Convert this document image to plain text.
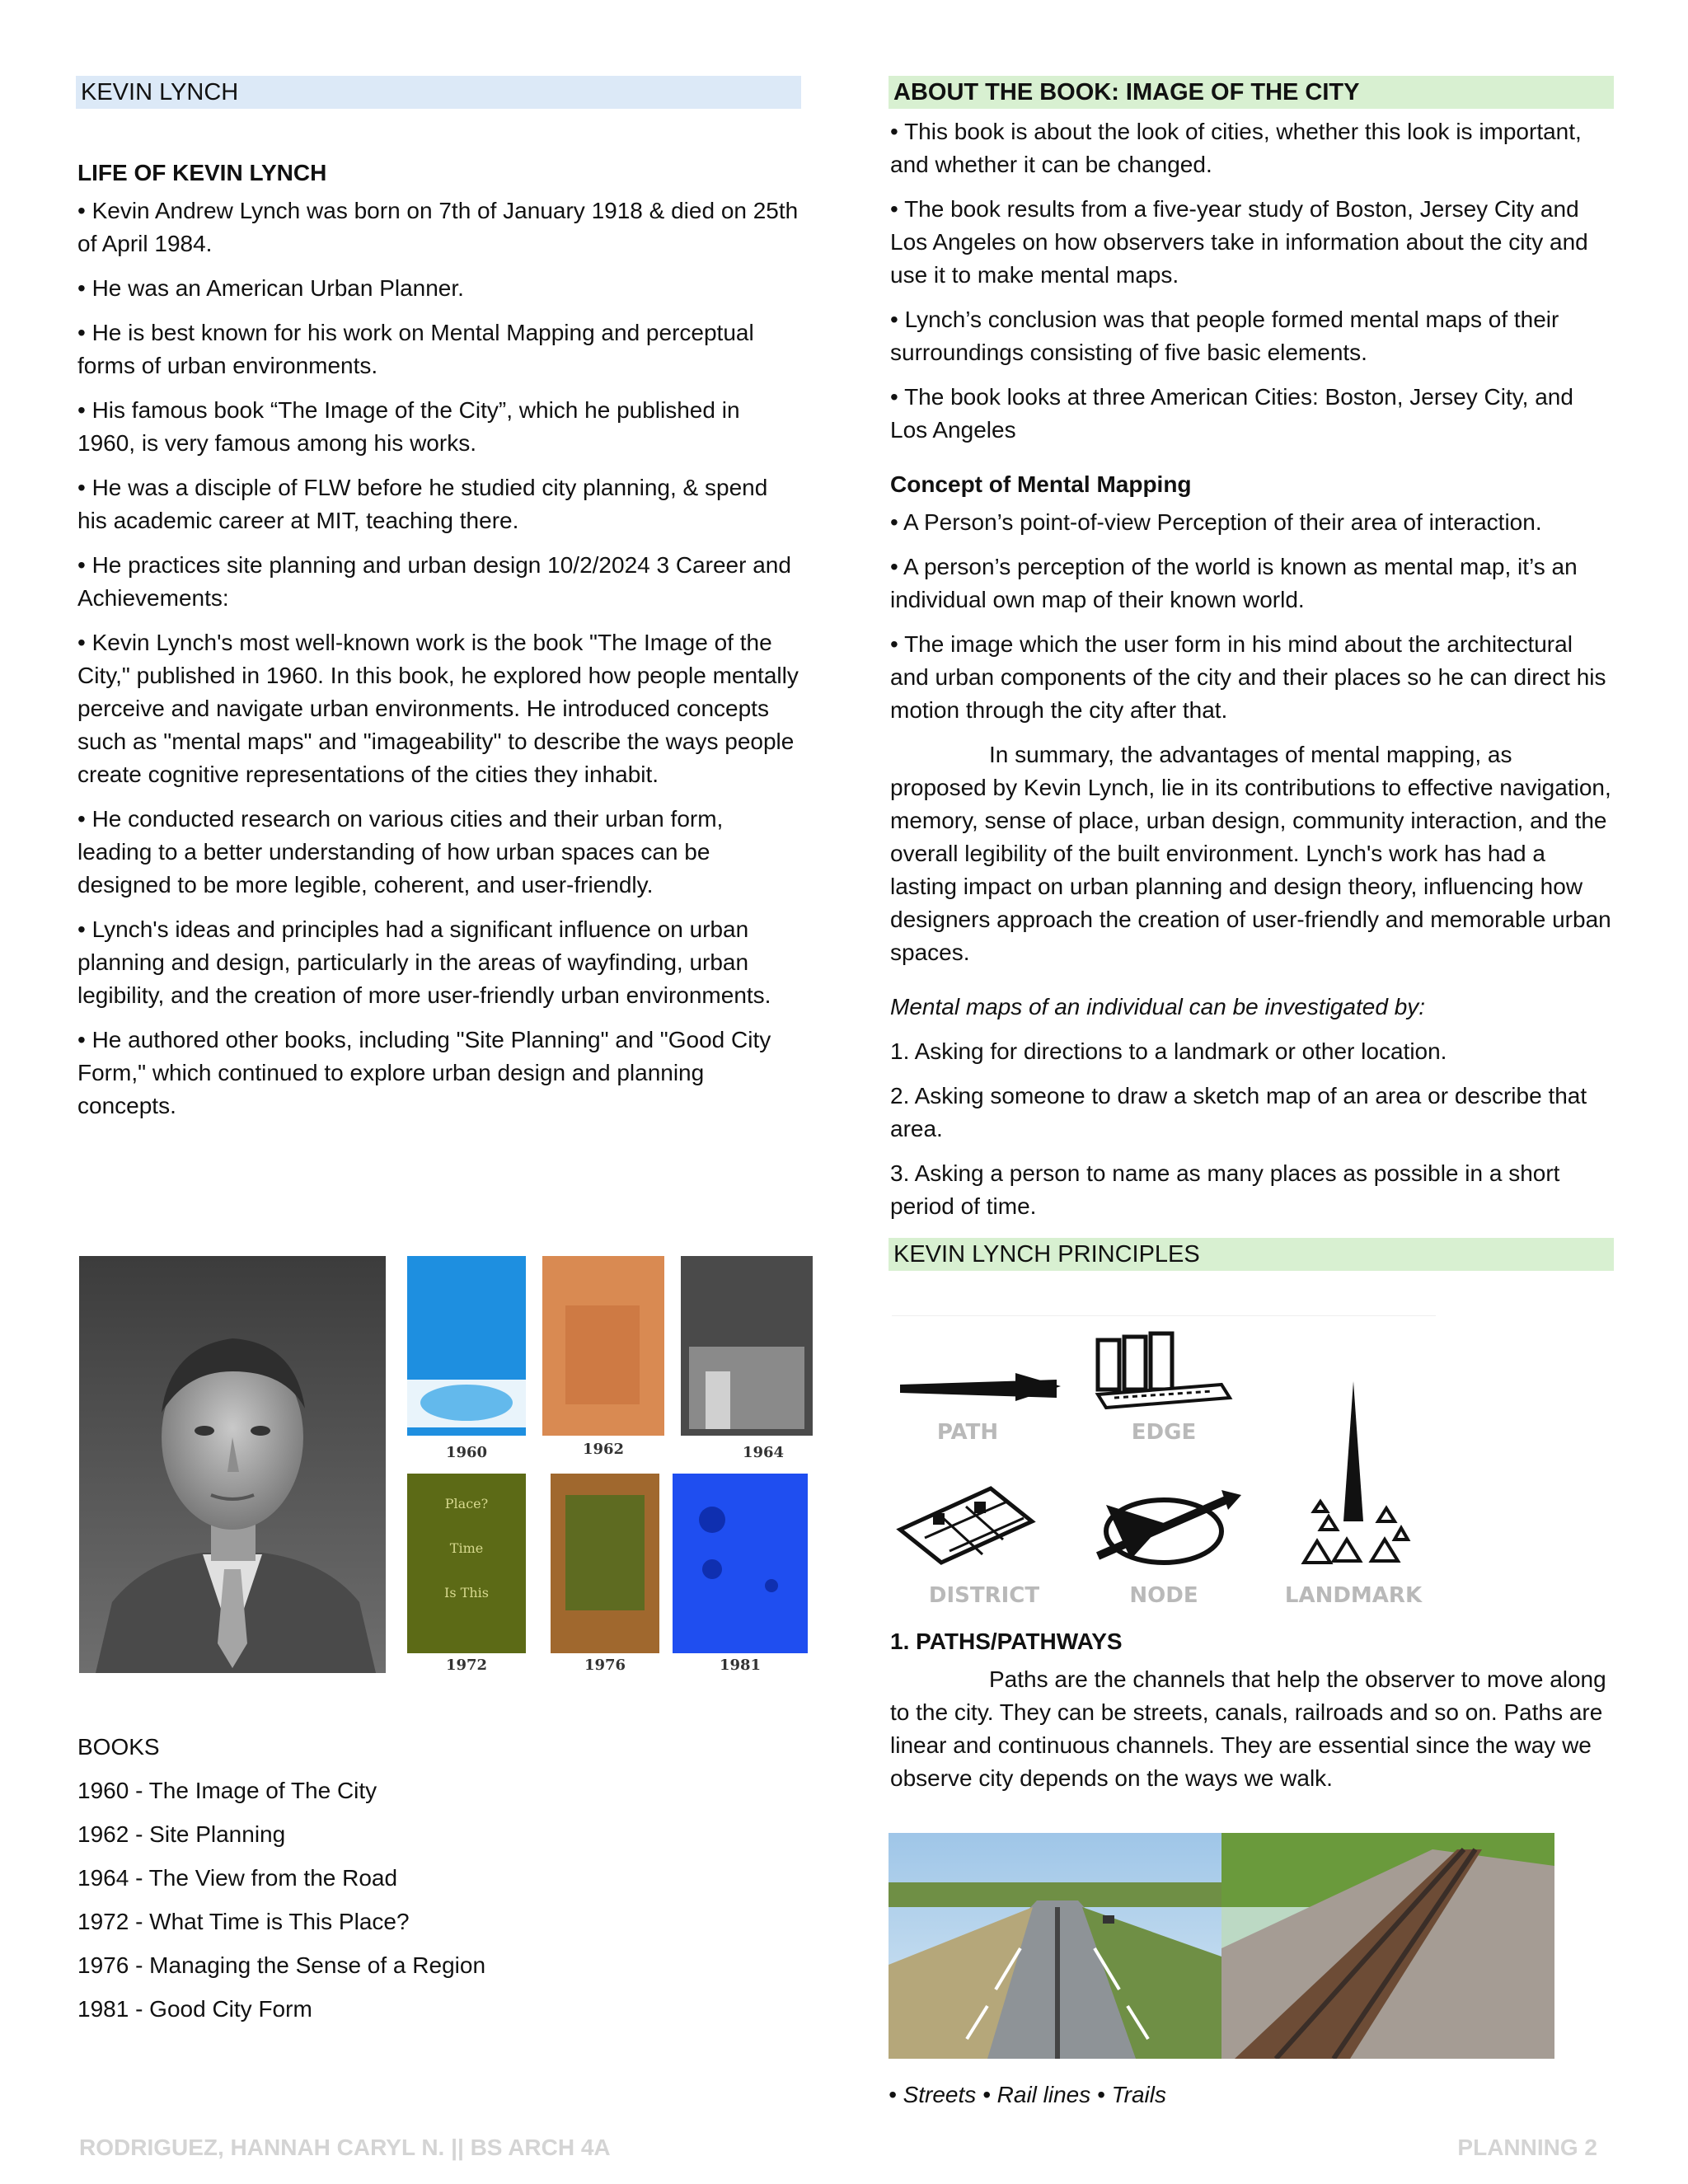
KEVIN LYNCH
LIFE OF KEVIN LYNCH

• Kevin Andrew Lynch was born on 7th of January 1918 & died on 25th of April 1984.

• He was an American Urban Planner.

• He is best known for his work on Mental Mapping and perceptual forms of urban environments.

• His famous book “The Image of the City”, which he published in 1960, is very famous among his works.

• He was a disciple of FLW before he studied city planning, & spend his academic career at MIT, teaching there.

• He practices site planning and urban design 10/2/2024 3 Career and Achievements:

• Kevin Lynch's most well-known work is the book "The Image of the City," published in 1960. In this book, he explored how people mentally perceive and navigate urban environments. He introduced concepts such as "mental maps" and "imageability" to describe the ways people create cognitive representations of the cities they inhabit.

• He conducted research on various cities and their urban form, leading to a better understanding of how urban spaces can be designed to be more legible, coherent, and user-friendly.

• Lynch's ideas and principles had a significant influence on urban planning and design, particularly in the areas of wayfinding, urban legibility, and the creation of more user-friendly urban environments.

• He authored other books, including "Site Planning" and "Good City Form," which continued to explore urban design and planning concepts.

1960	1962	1964
Place?
Time
Is This
1972	1976	1981

BOOKS

1960 - The Image of The City

1962 - Site Planning

1964 - The View from the Road

1972 - What Time is This Place?

1976 - Managing the Sense of a Region

1981 - Good City Form

ABOUT THE BOOK: IMAGE OF THE CITY

• This book is about the look of cities, whether this look is important, and whether it can be changed.

• The book results from a five-year study of Boston, Jersey City and Los Angeles on how observers take in information about the city and use it to make mental maps.

• Lynch’s conclusion was that people formed mental maps of their surroundings consisting of five basic elements.

• The book looks at three American Cities: Boston, Jersey City, and Los Angeles

Concept of Mental Mapping

• A Person’s point-of-view Perception of their area of interaction.

• A person’s perception of the world is known as mental map, it’s an individual own map of their known world.

• The image which the user form in his mind about the architectural and urban components of the city and their places so he can direct his motion through the city after that.

In summary, the advantages of mental mapping, as proposed by Kevin Lynch, lie in its contributions to effective navigation, memory, sense of place, urban design, community interaction, and the overall legibility of the built environment. Lynch's work has had a lasting impact on urban planning and design theory, influencing how designers approach the creation of user-friendly and memorable urban spaces.

Mental maps of an individual can be investigated by:

1. Asking for directions to a landmark or other location.

2. Asking someone to draw a sketch map of an area or describe that area.

3. Asking a person to name as many places as possible in a short period of time.

KEVIN LYNCH PRINCIPLES
PATH	EDGE
DISTRICT	NODE	LANDMARK
1. PATHS/PATHWAYS

Paths are the channels that help the observer to move along to the city. They can be streets, canals, railroads and so on. Paths are linear and continuous channels. They are essential since the way we observe city depends on the ways we walk.

• Streets • Rail lines • Trails

RODRIGUEZ, HANNAH CARYL N. || BS ARCH 4A	PLANNING 2
